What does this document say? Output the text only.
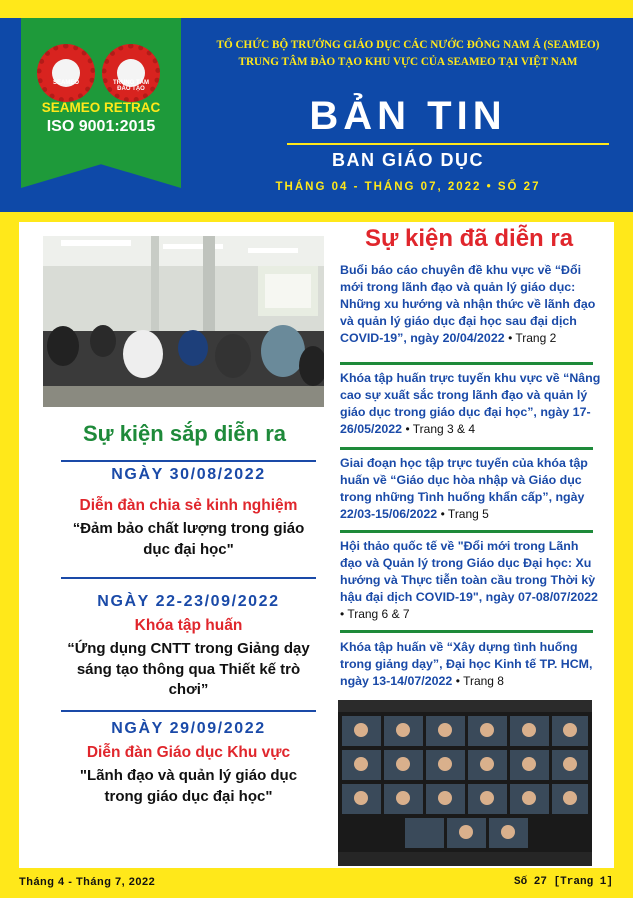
SEAMEO	TRUNG TÂM ĐÀO TẠO
SEAMEO RETRAC
ISO 9001:2015
TỔ CHỨC BỘ TRƯỞNG GIÁO DỤC CÁC NƯỚC ĐÔNG NAM Á (SEAMEO)
TRUNG TÂM ĐÀO TẠO KHU VỰC CỦA SEAMEO TẠI VIỆT NAM
BẢN TIN
BAN GIÁO DỤC
THÁNG 04 - THÁNG 07, 2022 • SỐ 27
Sự kiện sắp diễn ra
NGÀY 30/08/2022
Diễn đàn chia sẻ kinh nghiệm
“Đảm bảo chất lượng trong giáo dục đại học"
NGÀY 22-23/09/2022
Khóa tập huấn
“Ứng dụng CNTT trong Giảng dạy sáng tạo thông qua Thiết kế trò chơi”
NGÀY 29/09/2022
Diễn đàn Giáo dục Khu vực
"Lãnh đạo và quản lý giáo dục trong giáo dục đại học"
Sự kiện đã diễn ra
Buổi báo cáo chuyên đề khu vực về “Đổi mới trong lãnh đạo và quản lý giáo dục: Những xu hướng và nhận thức về lãnh đạo và quản lý giáo dục đại học sau đại dịch COVID-19”, ngày 20/04/2022 • Trang 2
Khóa tập huấn trực tuyến khu vực về “Nâng cao sự xuất sắc trong lãnh đạo và quản lý giáo dục trong giáo dục đại học”, ngày 17-26/05/2022 • Trang 3 & 4
Giai đoạn học tập trực tuyến của khóa tập huấn về “Giáo dục hòa nhập và Giáo dục trong những Tình huống khẩn cấp”, ngày 22/03-15/06/2022 • Trang 5
Hội thảo quốc tế về "Đổi mới trong Lãnh đạo và Quản lý trong Giáo dục Đại học: Xu hướng và Thực tiễn toàn cầu trong Thời kỳ hậu đại dịch COVID-19", ngày 07-08/07/2022 • Trang 6 & 7
Khóa tập huấn về “Xây dựng tình huống trong giảng dạy”, Đại học Kinh tế TP. HCM, ngày 13-14/07/2022 • Trang 8
Tháng 4 - Tháng 7, 2022	Số 27 [Trang 1]
